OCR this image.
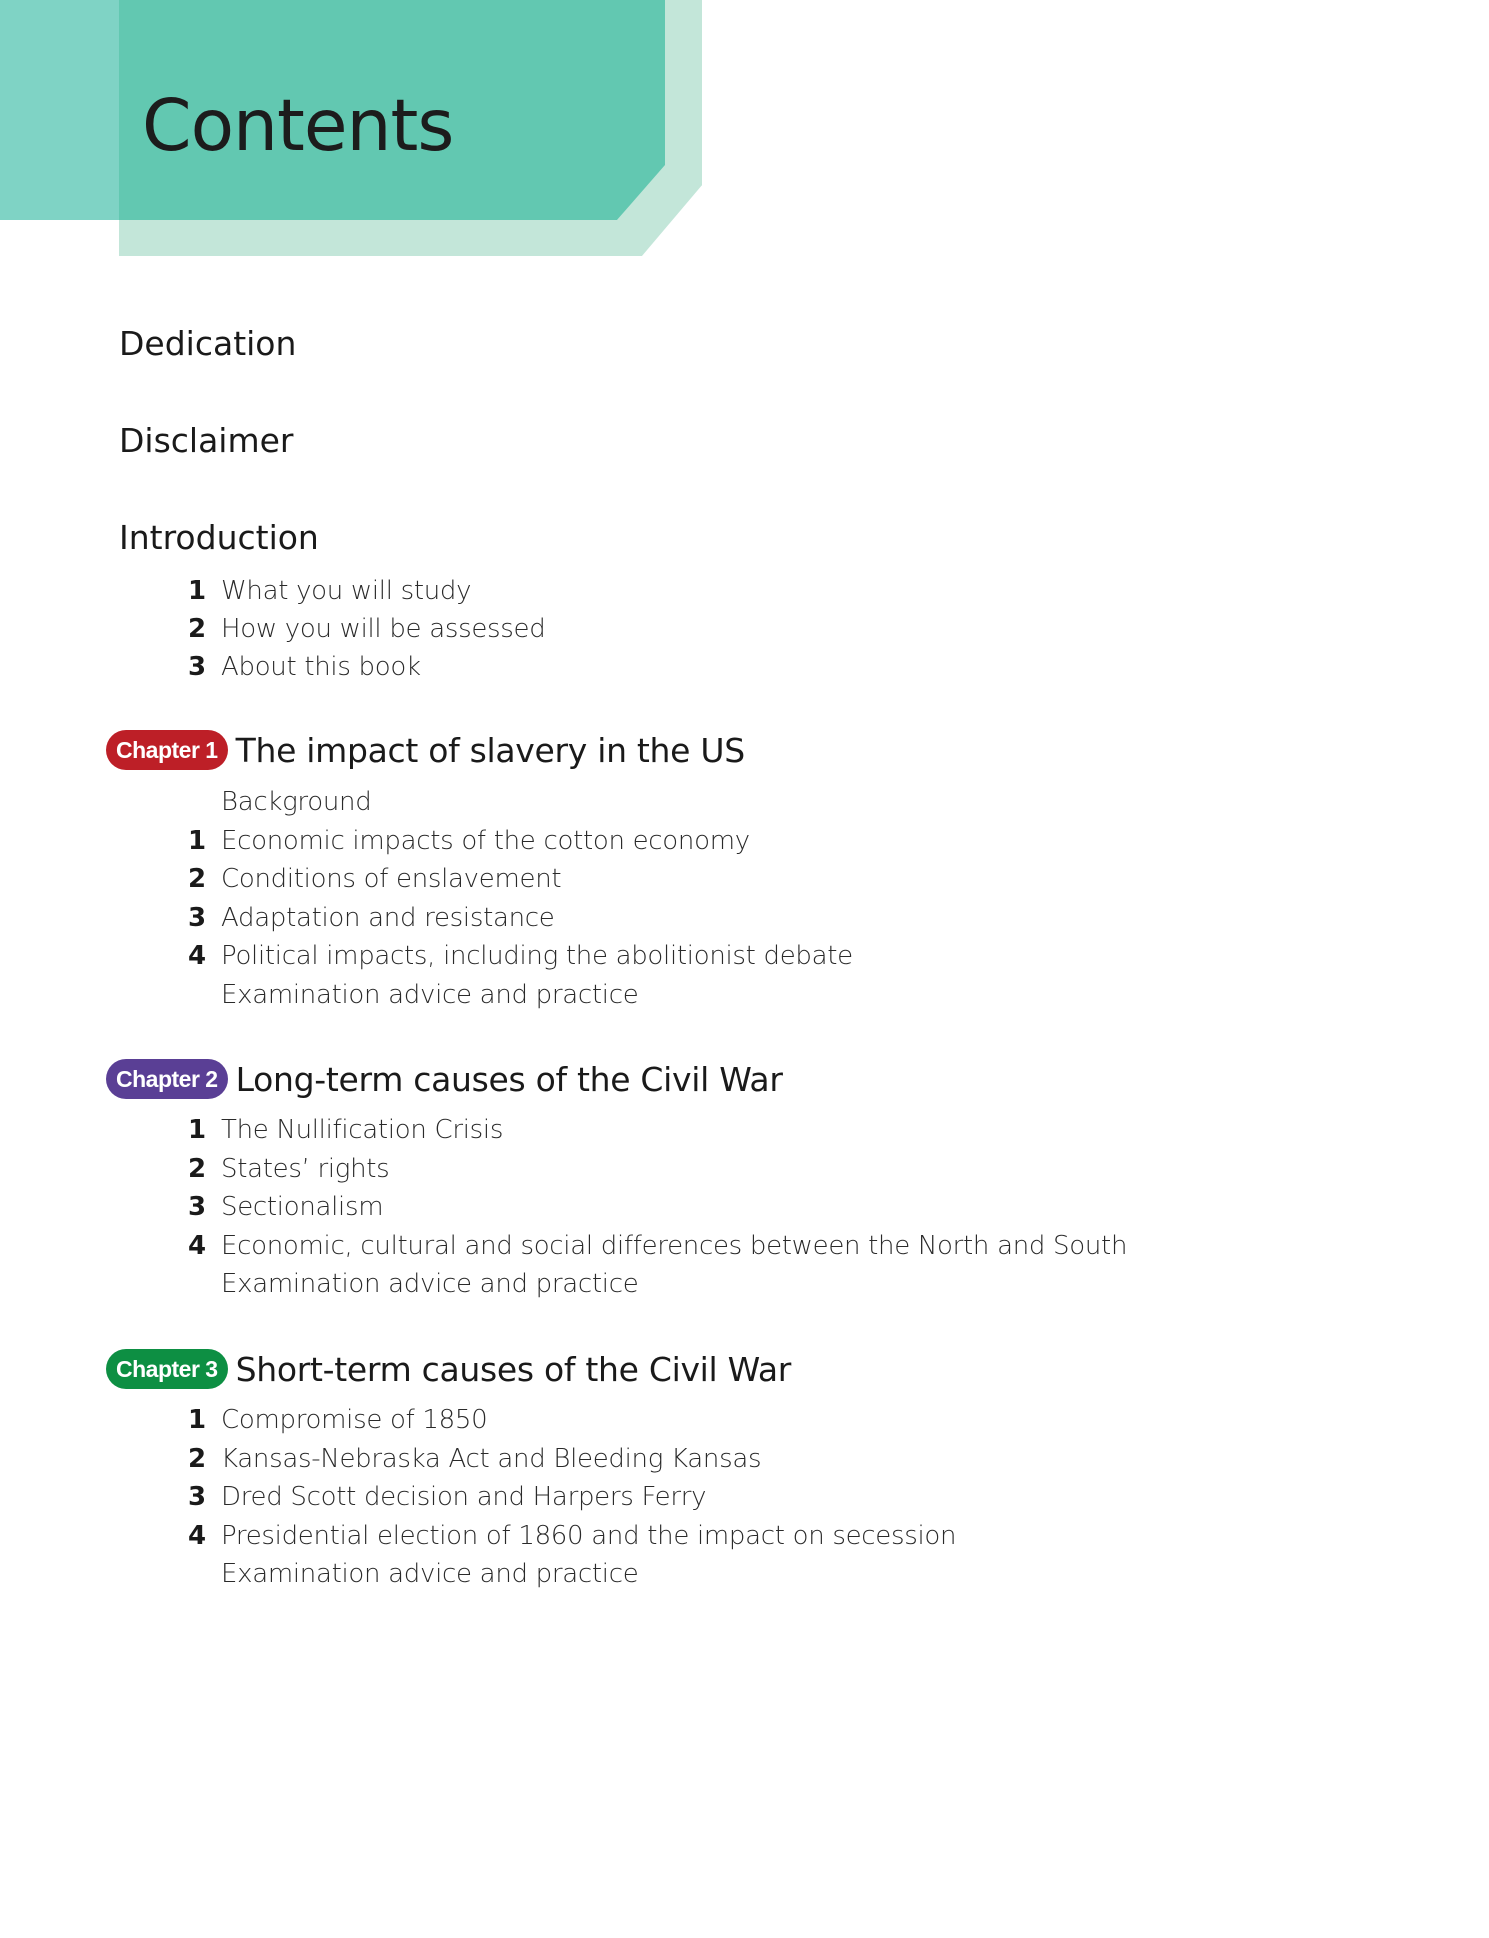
Contents
Dedication
Disclaimer
Introduction
1 What you will study
2 How you will be assessed
3 About this book
Chapter 1 The impact of slavery in the US
Background
1 Economic impacts of the cotton economy
2 Conditions of enslavement
3 Adaptation and resistance
4 Political impacts, including the abolitionist debate
Examination advice and practice
Chapter 2 Long-term causes of the Civil War
1 The Nullification Crisis
2 States’ rights
3 Sectionalism
4 Economic, cultural and social differences between the North and South
Examination advice and practice
Chapter 3 Short-term causes of the Civil War
1 Compromise of 1850
2 Kansas-Nebraska Act and Bleeding Kansas
3 Dred Scott decision and Harpers Ferry
4 Presidential election of 1860 and the impact on secession
Examination advice and practice
